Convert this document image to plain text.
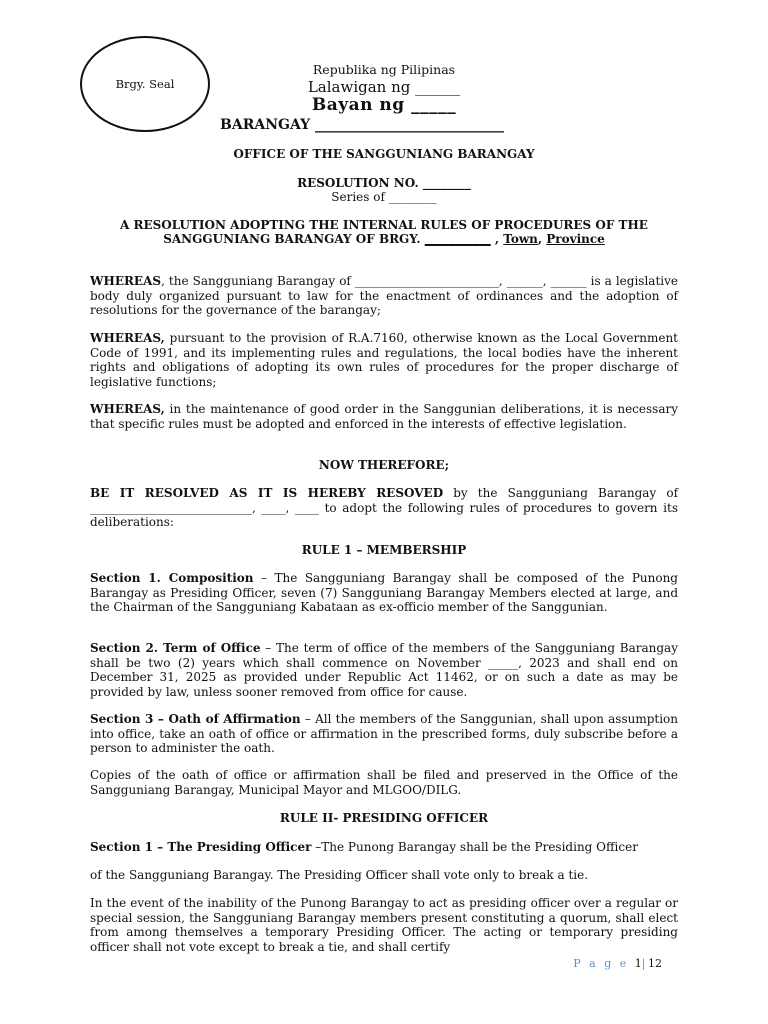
Brgy. Seal
Republika ng Pilipinas
Lalawigan ng ______
Bayan ng _____
BARANGAY ___________________________
OFFICE OF THE SANGGUNIANG BARANGAY
RESOLUTION NO. ________
Series of ________
A RESOLUTION ADOPTING THE INTERNAL RULES OF PROCEDURES OF THE
SANGGUNIANG BARANGAY OF BRGY. ___________ , Town, Province

WHEREAS, the Sangguniang Barangay of ________________________, ______, ______ is a legislative body duly organized pursuant to law for the enactment of ordinances and the adoption of resolutions for the governance of the barangay;

WHEREAS, pursuant to the provision of R.A.7160, otherwise known as the Local Government Code of 1991, and its implementing rules and regulations, the local bodies have the inherent rights and obligations of adopting its own rules of procedures for the proper discharge of legislative functions;

WHEREAS, in the maintenance of good order in the Sanggunian deliberations, it is necessary that specific rules must be adopted and enforced in the interests of effective legislation.

NOW THEREFORE;

BE IT RESOLVED AS IT IS HEREBY RESOVED by the Sangguniang Barangay of ___________________________, ____, ____ to adopt the following rules of procedures to govern its deliberations:

RULE 1 – MEMBERSHIP

Section 1. Composition – The Sangguniang Barangay shall be composed of the Punong Barangay as Presiding Officer, seven (7) Sangguniang Barangay Members elected at large, and the Chairman of the Sangguniang Kabataan as ex-officio member of the Sanggunian.

Section 2. Term of Office – The term of office of the members of the Sangguniang Barangay shall be two (2) years which shall commence on November _____, 2023 and shall end on December 31, 2025 as provided under Republic Act 11462, or on such a date as may be provided by law, unless sooner removed from office for cause.

Section 3 – Oath of Affirmation – All the members of the Sanggunian, shall upon assumption into office, take an oath of office or affirmation in the prescribed forms, duly subscribe before a person to administer the oath.

Copies of the oath of office or affirmation shall be filed and preserved in the Office of the Sangguniang Barangay, Municipal Mayor and MLGOO/DILG.

RULE II- PRESIDING OFFICER

Section 1 – The Presiding Officer –The Punong Barangay shall be the Presiding Officer

of the Sangguniang Barangay. The Presiding Officer shall vote only to break a tie.

In the event of the inability of the Punong Barangay to act as presiding officer over a regular or special session, the Sangguniang Barangay members present constituting a quorum, shall elect from among themselves a temporary Presiding Officer. The acting or temporary presiding officer shall not vote except to break a tie, and shall certify

P a g e 1|12
